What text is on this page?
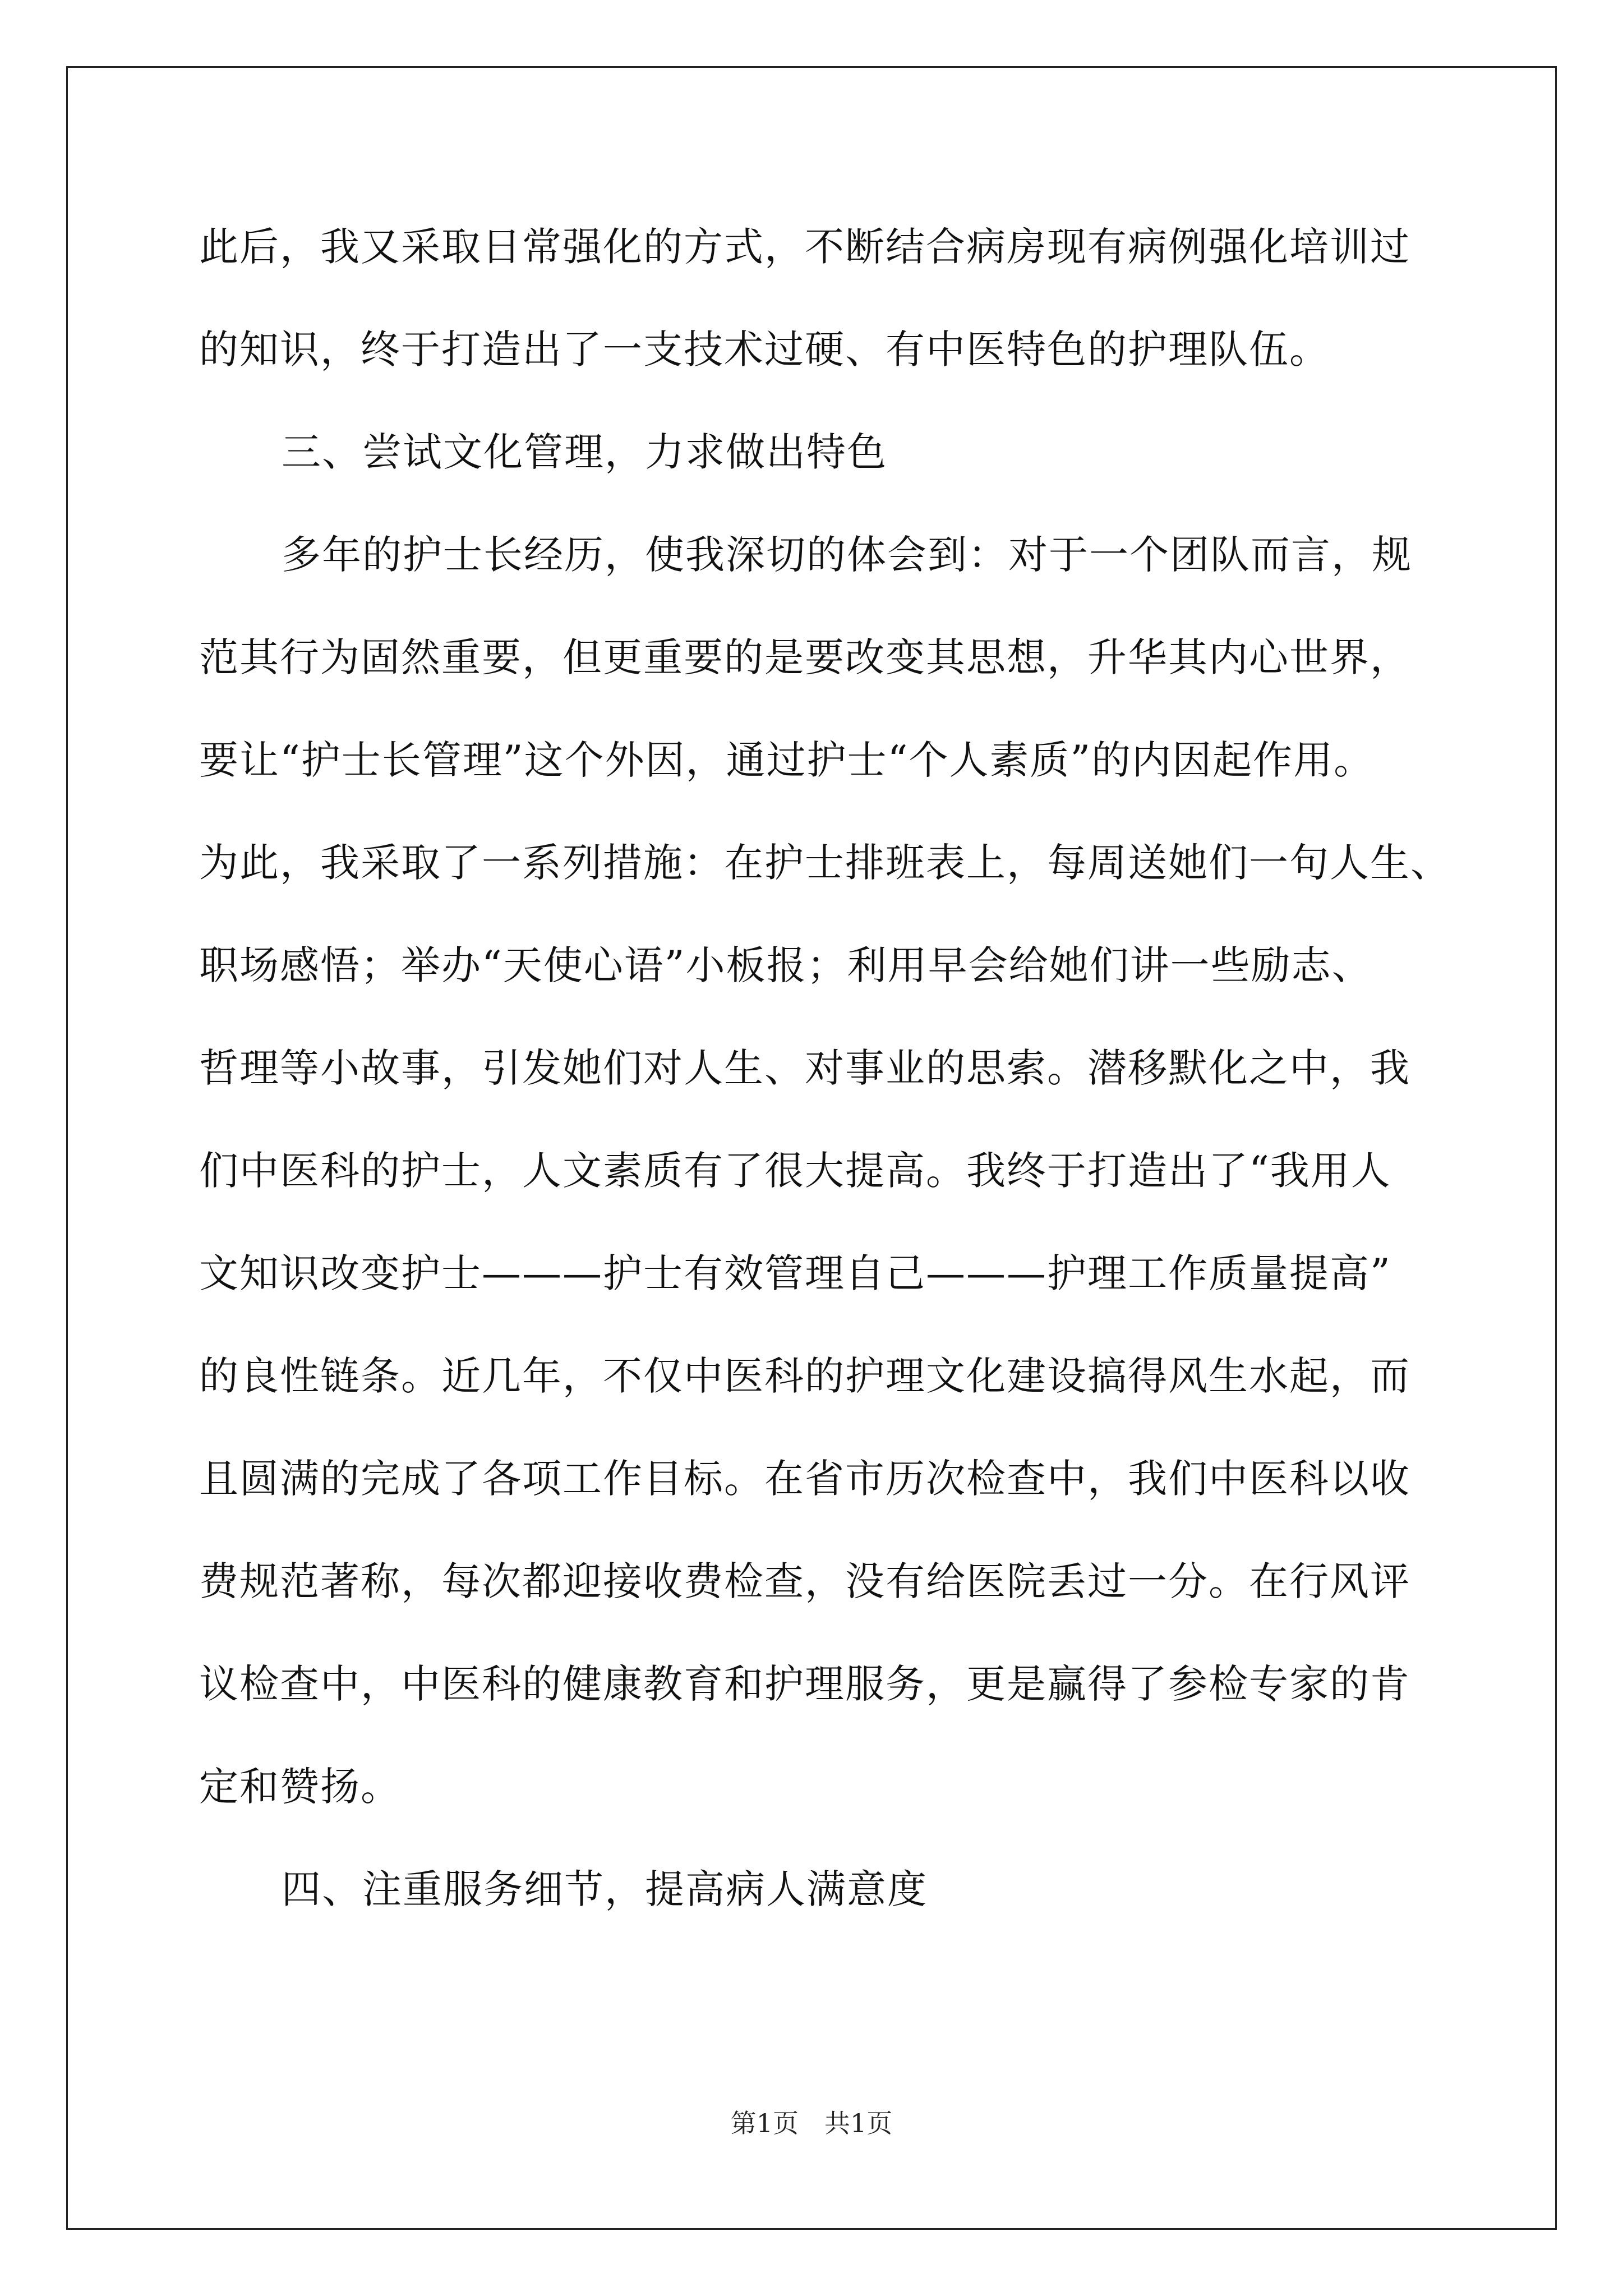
此后，我又采取日常强化的方式，不断结合病房现有病例强化培训过
的知识，终于打造出了一支技术过硬、有中医特色的护理队伍。
三、尝试文化管理，力求做出特色
多年的护士长经历，使我深切的体会到：对于一个团队而言，规
范其行为固然重要，但更重要的是要改变其思想，升华其内心世界，
要让“护士长管理”这个外因，通过护士“个人素质”的内因起作用。
为此，我采取了一系列措施：在护士排班表上，每周送她们一句人生、
职场感悟；举办“天使心语”小板报；利用早会给她们讲一些励志、
哲理等小故事，引发她们对人生、对事业的思索。潜移默化之中，我
们中医科的护士，人文素质有了很大提高。我终于打造出了“我用人
文知识改变护士———护士有效管理自己———护理工作质量提高”
的良性链条。近几年，不仅中医科的护理文化建设搞得风生水起，而
且圆满的完成了各项工作目标。在省市历次检查中，我们中医科以收
费规范著称，每次都迎接收费检查，没有给医院丢过一分。在行风评
议检查中，中医科的健康教育和护理服务，更是赢得了参检专家的肯
定和赞扬。
四、注重服务细节，提高病人满意度
第1页　共1页
